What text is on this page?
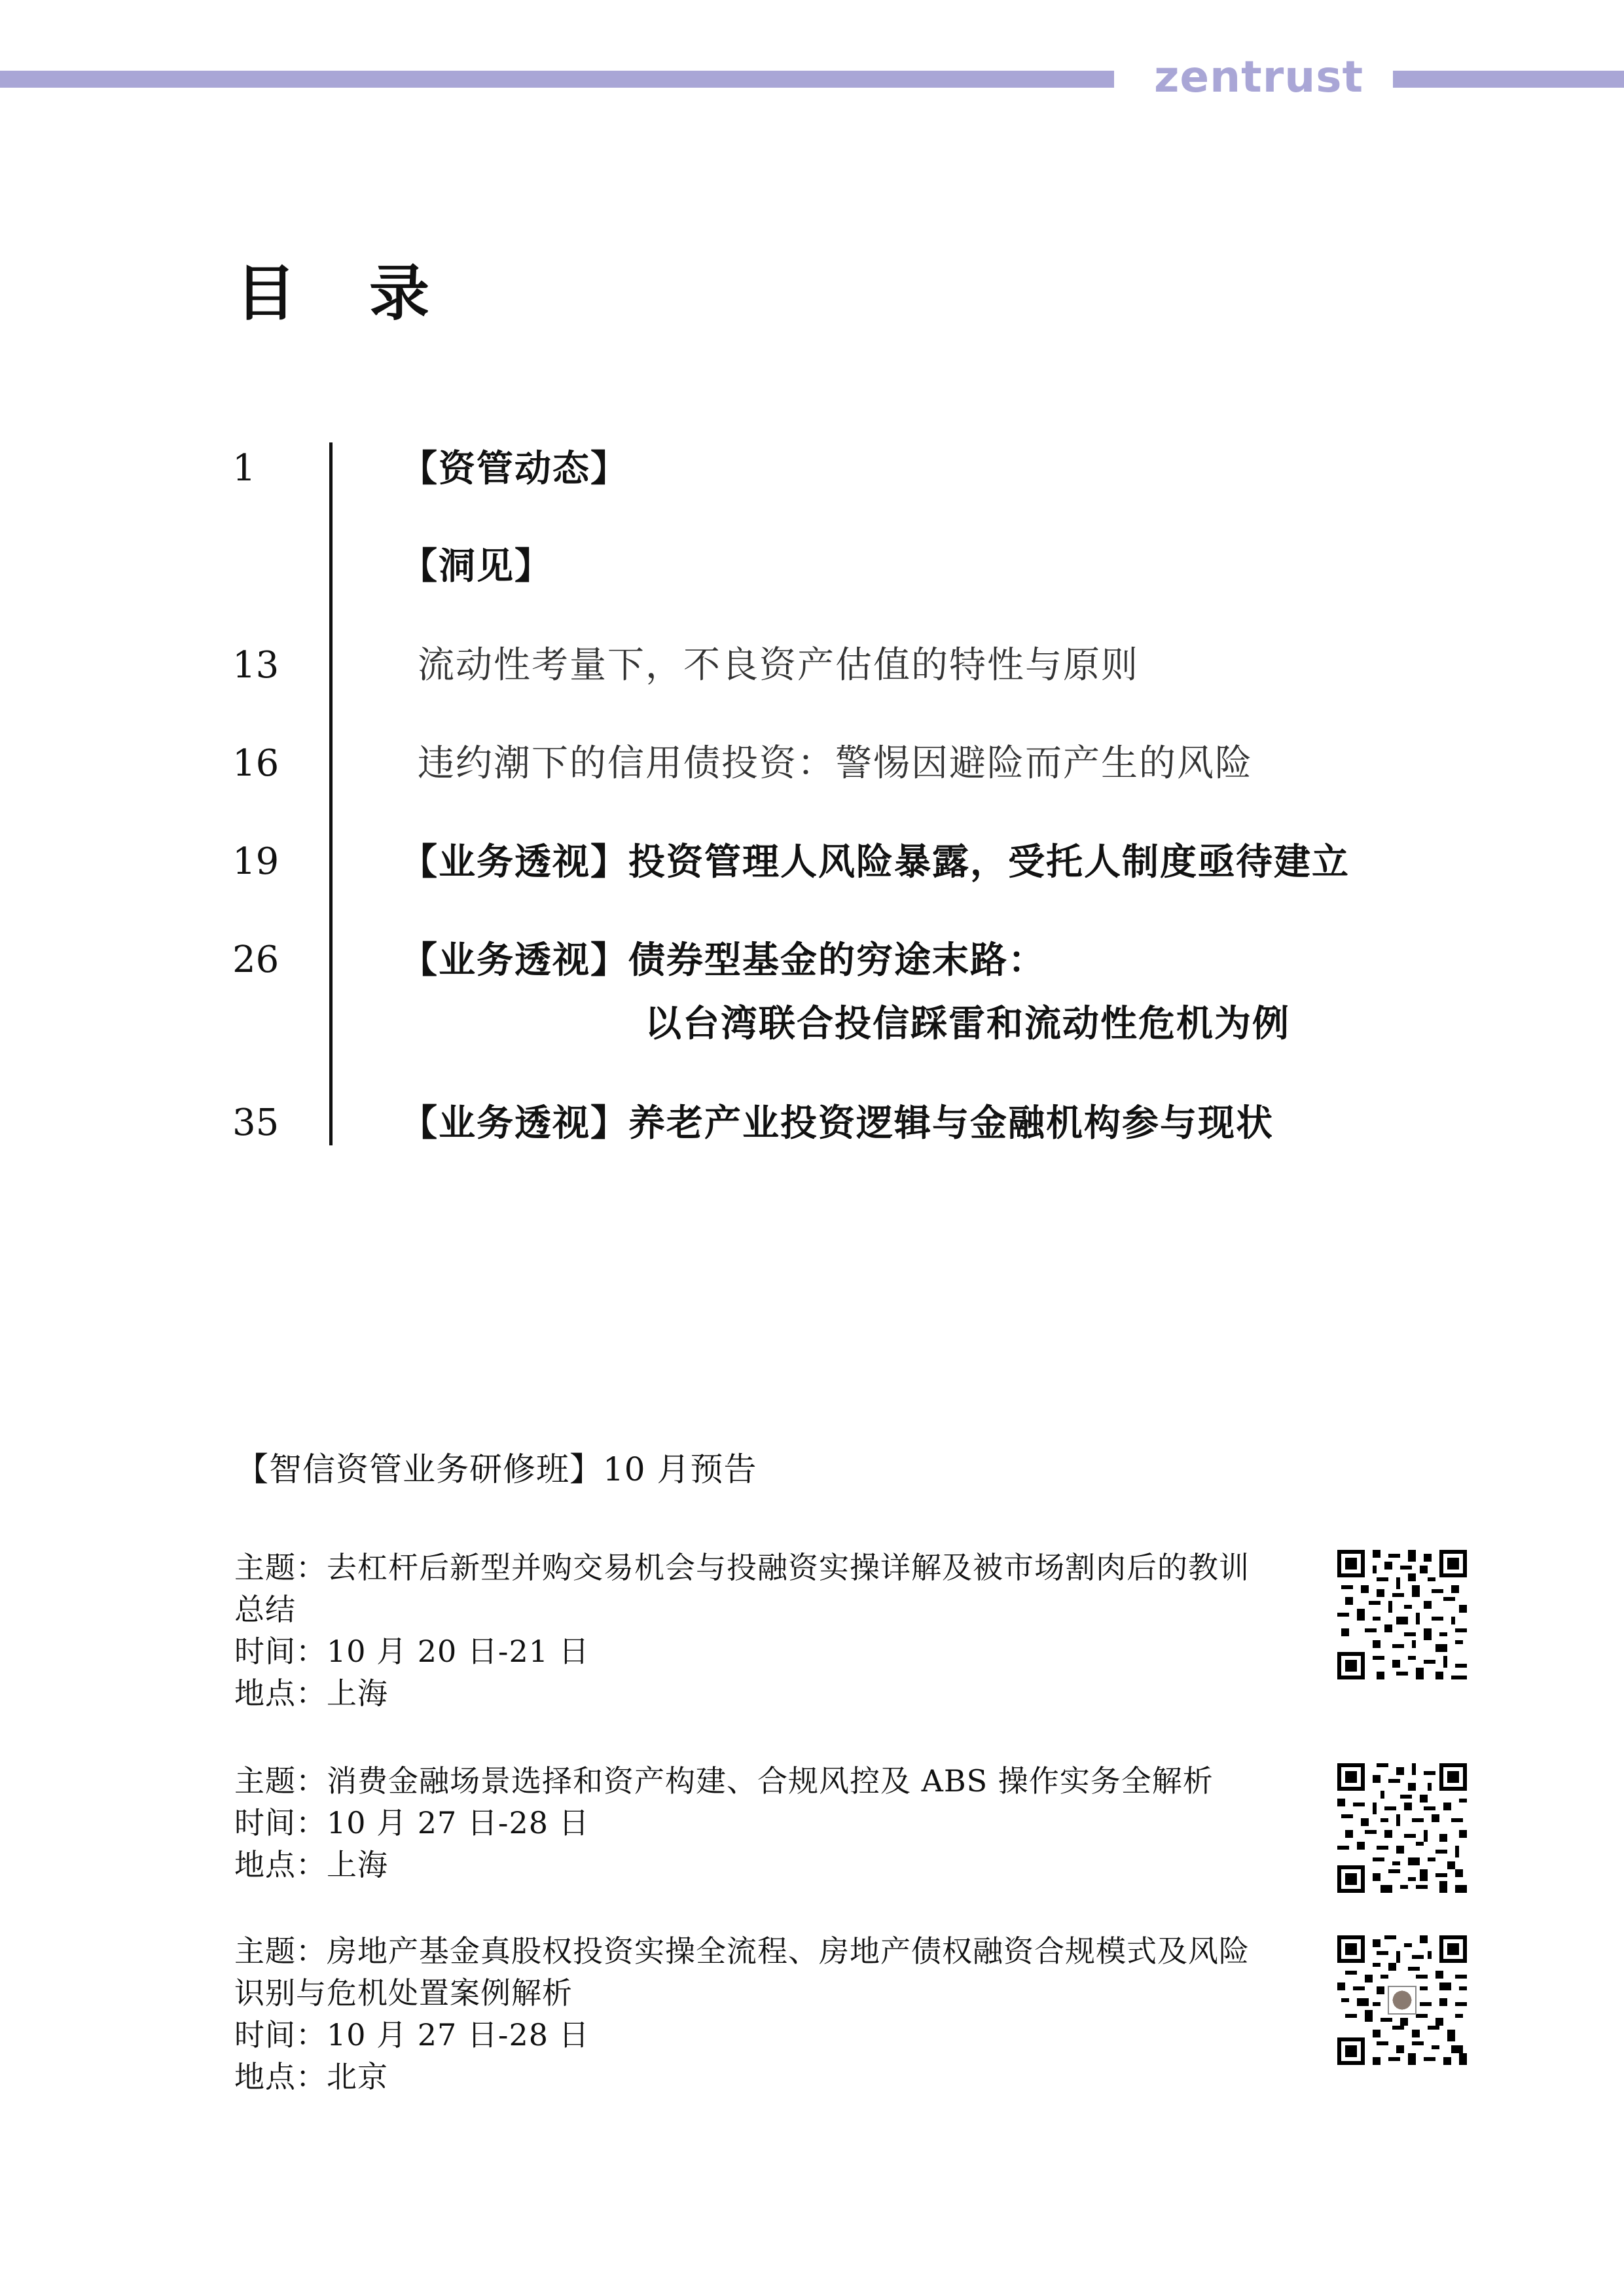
zentrust
目 录
1	【资管动态】
【洞见】
13	流动性考量下，不良资产估值的特性与原则
16	违约潮下的信用债投资：警惕因避险而产生的风险
19	【业务透视】投资管理人风险暴露，受托人制度亟待建立
26	【业务透视】债券型基金的穷途末路：
以台湾联合投信踩雷和流动性危机为例
35	【业务透视】养老产业投资逻辑与金融机构参与现状
【智信资管业务研修班】10 月预告
主题：去杠杆后新型并购交易机会与投融资实操详解及被市场割肉后的教训
总结
时间：10 月 20 日-21 日
地点：上海
主题：消费金融场景选择和资产构建、合规风控及 ABS 操作实务全解析
时间：10 月 27 日-28 日
地点：上海
主题：房地产基金真股权投资实操全流程、房地产债权融资合规模式及风险
识别与危机处置案例解析
时间：10 月 27 日-28 日
地点：北京
